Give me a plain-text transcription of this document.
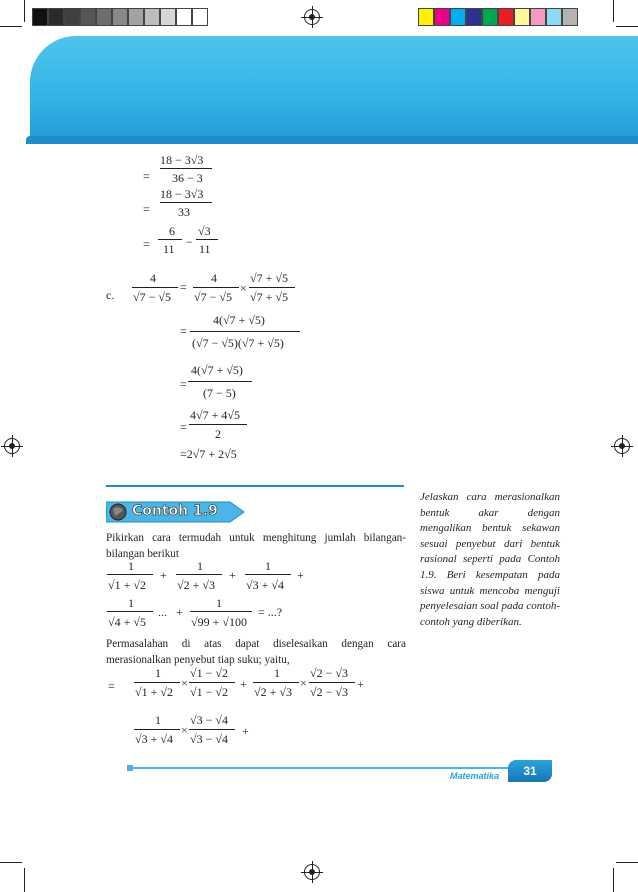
=
18 − 3√3
36 − 3
=
18 − 3√3
33
=
6
11 −
√3
11
c.
4
√7 − √5
=
4
√7 − √5
×
√7 + √5
√7 + √5
=
4(√7 + √5)
(√7 − √5)(√7 + √5)
=
4(√7 + √5)
(7 − 5)
=
4√7 + 4√5
2
=2√7 + 2√5
Contoh 1.9
Pikirkan cara termudah untuk menghitung jumlah bilangan-bilangan berikut
1
√1 + √2
+
1
√2 + √3
+
1
√3 + √4
+
1
√4 + √5
... +
1
√99 + √100
= ...?
Permasalahan di atas dapat diselesaikan dengan cara merasionalkan penyebut tiap suku; yaitu,
=
1
√1 + √2
×
√1 − √2
√1 − √2
+
1
√2 + √3
×
√2 − √3
√2 − √3
+
1
√3 + √4
×
√3 − √4
√3 − √4
+
Jelaskan cara merasionalkan bentuk akar dengan mengalikan bentuk sekawan sesuai penyebut dari bentuk rasional seperti pada Contoh 1.9. Beri kesempatan pada siswa untuk mencoba menguji penyelesaian soal pada contoh-contoh yang diberikan.
Matematika	31
